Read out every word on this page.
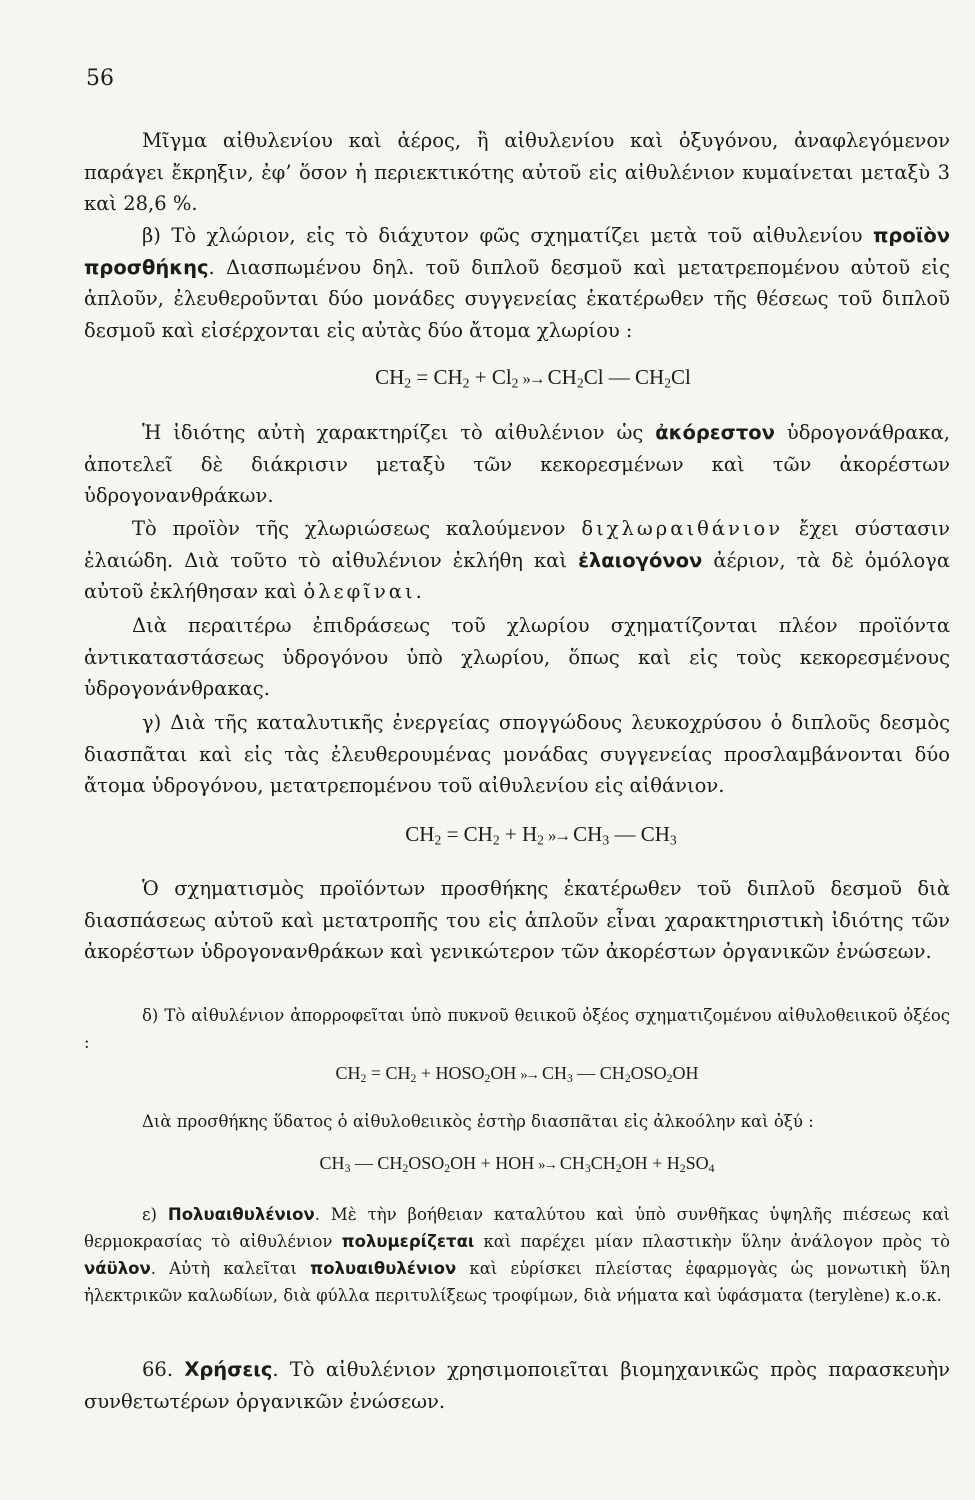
56

Μῖγμα αἰθυλενίου καὶ ἀέρος, ἢ αἰθυλενίου καὶ ὀξυγόνου, ἀναφλεγόμενον παράγει ἔκρηξιν, ἐφ’ ὅσον ἡ περιεκτικότης αὐτοῦ εἰς αἰθυλένιον κυμαίνεται μεταξὺ 3 καὶ 28,6 %.

β) Τὸ χλώριον, εἰς τὸ διάχυτον φῶς σχηματίζει μετὰ τοῦ αἰθυλενίου προϊὸν προσθήκης. Διασπωμένου δηλ. τοῦ διπλοῦ δεσμοῦ καὶ μετατρεπομένου αὐτοῦ εἰς ἁπλοῦν, ἐλευθεροῦνται δύο μονάδες συγγενείας ἑκατέρωθεν τῆς θέσεως τοῦ διπλοῦ δεσμοῦ καὶ εἰσέρχονται εἰς αὐτὰς δύο ἄτομα χλωρίου :

$CH_2 = CH_2 + Cl_2$ »→ $CH_2Cl$ — $CH_2Cl$

Ἡ ἰδιότης αὐτὴ χαρακτηρίζει τὸ αἰθυλένιον ὡς ἀκόρεστον ὑδρογονάθρακα, ἀποτελεῖ δὲ διάκρισιν μεταξὺ τῶν κεκορεσμένων καὶ τῶν ἀκορέστων ὑδρογονανθράκων.

Τὸ προϊὸν τῆς χλωριώσεως καλούμενον διχλωραιθάνιον ἔχει σύστασιν ἐλαιώδη. Διὰ τοῦτο τὸ αἰθυλένιον ἐκλήθη καὶ ἐλαιογόνον ἀέριον, τὰ δὲ ὁμόλογα αὐτοῦ ἐκλήθησαν καὶ ὀλεφῖναι.

Διὰ περαιτέρω ἐπιδράσεως τοῦ χλωρίου σχηματίζονται πλέον προϊόντα ἀντικαταστάσεως ὑδρογόνου ὑπὸ χλωρίου, ὅπως καὶ εἰς τοὺς κεκορεσμένους ὑδρογονάνθρακας.

γ) Διὰ τῆς καταλυτικῆς ἐνεργείας σπογγώδους λευκοχρύσου ὁ διπλοῦς δεσμὸς διασπᾶται καὶ εἰς τὰς ἐλευθερουμένας μονάδας συγγενείας προσλαμβάνονται δύο ἄτομα ὑδρογόνου, μετατρεπομένου τοῦ αἰθυλενίου εἰς αἰθάνιον.

$CH_2 = CH_2 + H_2$ »→ $CH_3$ — $CH_3$

Ὁ σχηματισμὸς προϊόντων προσθήκης ἑκατέρωθεν τοῦ διπλοῦ δεσμοῦ διὰ διασπάσεως αὐτοῦ καὶ μετατροπῆς του εἰς ἁπλοῦν εἶναι χαρακτηριστικὴ ἰδιότης τῶν ἀκορέστων ὑδρογονανθράκων καὶ γενικώτερον τῶν ἀκορέστων ὀργανικῶν ἐνώσεων.

δ) Τὸ αἰθυλένιον ἀπορροφεῖται ὑπὸ πυκνοῦ θειικοῦ ὀξέος σχηματιζομένου αἰθυλοθειικοῦ ὀξέος :

$CH_2 = CH_2$ + $HOSO_2OH$ »→ $CH_3$ — $CH_2OSO_2OH$

Διὰ προσθήκης ὕδατος ὁ αἰθυλοθειικὸς ἐστὴρ διασπᾶται εἰς ἀλκοόλην καὶ ὀξύ :

$CH_3$ — $CH_2OSO_2OH$ + HOH »→ $CH_3CH_2OH + H_2SO_4$

ε) Πολυαιθυλένιον. Μὲ τὴν βοήθειαν καταλύτου καὶ ὑπὸ συνθῆκας ὑψηλῆς πιέσεως καὶ θερμοκρασίας τὸ αἰθυλένιον πολυμερίζεται καὶ παρέχει μίαν πλαστικὴν ὕλην ἀνάλογον πρὸς τὸ νάϋλον. Αὐτὴ καλεῖται πολυαιθυλένιον καὶ εὑρίσκει πλείστας ἐφαρμογὰς ὡς μονωτικὴ ὕλη ἠλεκτρικῶν καλωδίων, διὰ φύλλα περιτυλίξεως τροφίμων, διὰ νήματα καὶ ὑφάσματα (terylène) κ.ο.κ.

66. Χρήσεις. Τὸ αἰθυλένιον χρησιμοποιεῖται βιομηχανικῶς πρὸς παρασκευὴν συνθετωτέρων ὀργανικῶν ἐνώσεων.
